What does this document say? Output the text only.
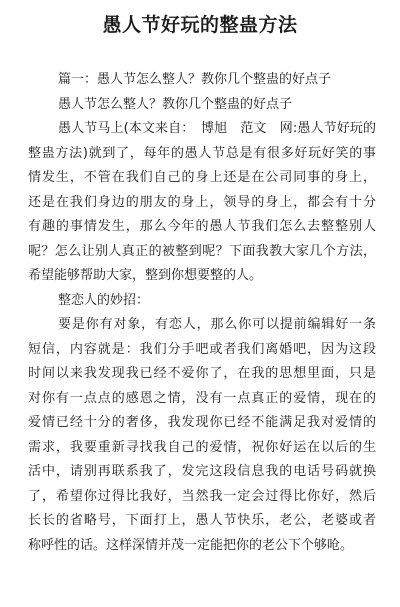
愚人节好玩的整蛊方法
篇一：愚人节怎么整人？教你几个整蛊的好点子
愚人节怎么整人？教你几个整蛊的好点子
愚人节马上(本文来自：　博旭　范文　网:愚人节好玩的
整蛊方法)就到了，每年的愚人节总是有很多好玩好笑的事
情发生，不管在我们自己的身上还是在公司同事的身上，
还是在我们身边的朋友的身上，领导的身上，都会有十分
有趣的事情发生，那么今年的愚人节我们怎么去整整别人
呢？怎么让别人真正的被整到呢？下面我教大家几个方法，
希望能够帮助大家，整到你想要整的人。
整恋人的妙招：
要是你有对象，有恋人，那么你可以提前编辑好一条
短信，内容就是：我们分手吧或者我们离婚吧，因为这段
时间以来我发现我已经不爱你了，在我的思想里面，只是
对你有一点点的感恩之情，没有一点真正的爱情，现在的
爱情已经十分的奢侈，我发现你已经不能满足我对爱情的
需求，我要重新寻找我自己的爱情，祝你好运在以后的生
活中，请别再联系我了，发完这段信息我的电话号码就换
了，希望你过得比我好，当然我一定会过得比你好，然后
长长的省略号，下面打上，愚人节快乐，老公，老婆或者
称呼性的话。这样深情并茂一定能把你的老公下个够呛。
